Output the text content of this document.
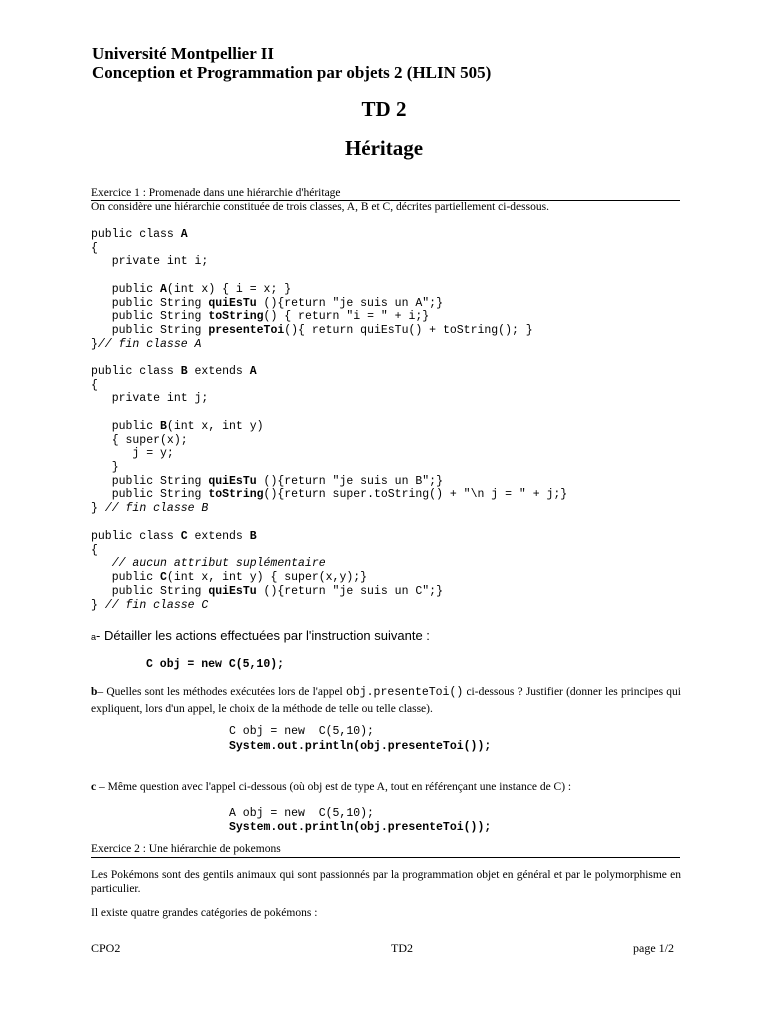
Université Montpellier II
Conception et Programmation par objets 2 (HLIN 505)
TD 2
Héritage
Exercice 1 : Promenade dans une hiérarchie d'héritage
On considère une hiérarchie constituée de trois classes, A, B et C, décrites partiellement ci-dessous.
public class A
{
private int i;

public A(int x) { i = x; }
public String quiEsTu (){return "je suis un A";}
public String toString() { return "i = " + i;}
public String presenteToi(){ return quiEsTu() + toString(); }
}// fin classe A
public class B extends A
{
private int j;

public B(int x, int y)
{ super(x);
j = y;
}
public String quiEsTu (){return "je suis un B";}
public String toString(){return super.toString() + "\n j = " + j;}
} // fin classe B
public class C extends B
{
// aucun attribut suplémentaire
public C(int x, int y) { super(x,y);}
public String quiEsTu (){return "je suis un C";}
} // fin classe C
a- Détailler les actions effectuées par l'instruction suivante :
C obj = new C(5,10);
b– Quelles sont les méthodes exécutées lors de l'appel obj.presenteToi() ci-dessous ? Justifier (donner les principes qui expliquent, lors d'un appel, le choix de la méthode de telle ou telle classe).
C obj = new  C(5,10);
System.out.println(obj.presenteToi());
c – Même question avec l'appel ci-dessous (où obj est de type A, tout en référençant une instance de C) :
A obj = new  C(5,10);
System.out.println(obj.presenteToi());
Exercice 2 : Une hiérarchie de pokemons
Les Pokémons sont des gentils animaux qui sont passionnés par la programmation objet en général et par le polymorphisme en particulier.
Il existe quatre grandes catégories de pokémons :
CPO2	TD2	page 1/2
